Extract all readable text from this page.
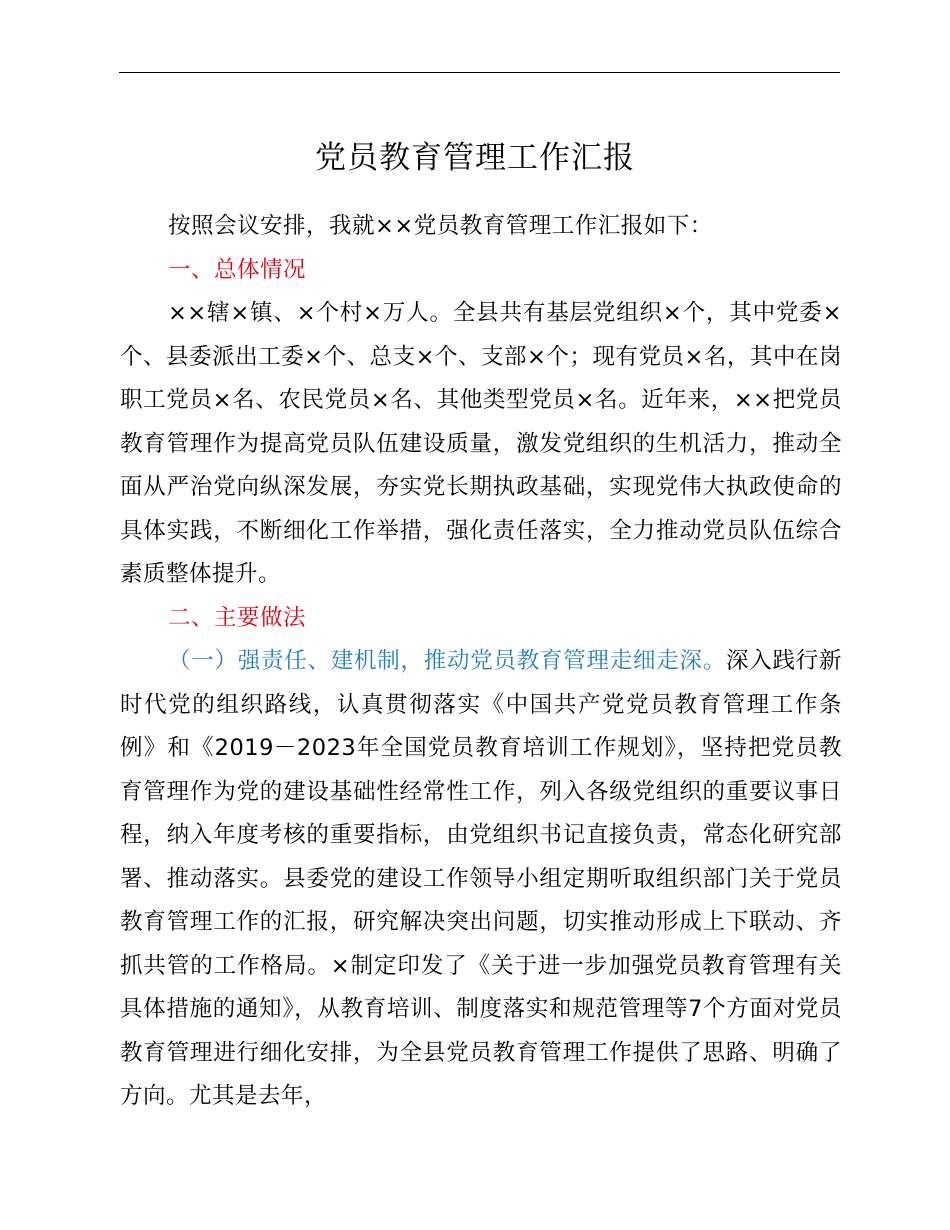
党员教育管理工作汇报

按照会议安排，我就××党员教育管理工作汇报如下：

一、总体情况

××辖×镇、×个村×万人。全县共有基层党组织×个，其中党委×个、县委派出工委×个、总支×个、支部×个；现有党员×名，其中在岗职工党员×名、农民党员×名、其他类型党员×名。近年来，××把党员教育管理作为提高党员队伍建设质量，激发党组织的生机活力，推动全面从严治党向纵深发展，夯实党长期执政基础，实现党伟大执政使命的具体实践，不断细化工作举措，强化责任落实，全力推动党员队伍综合素质整体提升。

二、主要做法

（一）强责任、建机制，推动党员教育管理走细走深。深入践行新时代党的组织路线，认真贯彻落实《中国共产党党员教育管理工作条例》和《2019－2023年全国党员教育培训工作规划》，坚持把党员教育管理作为党的建设基础性经常性工作，列入各级党组织的重要议事日程，纳入年度考核的重要指标，由党组织书记直接负责，常态化研究部署、推动落实。县委党的建设工作领导小组定期听取组织部门关于党员教育管理工作的汇报，研究解决突出问题，切实推动形成上下联动、齐抓共管的工作格局。×制定印发了《关于进一步加强党员教育管理有关具体措施的通知》，从教育培训、制度落实和规范管理等7个方面对党员教育管理进行细化安排，为全县党员教育管理工作提供了思路、明确了方向。尤其是去年，
